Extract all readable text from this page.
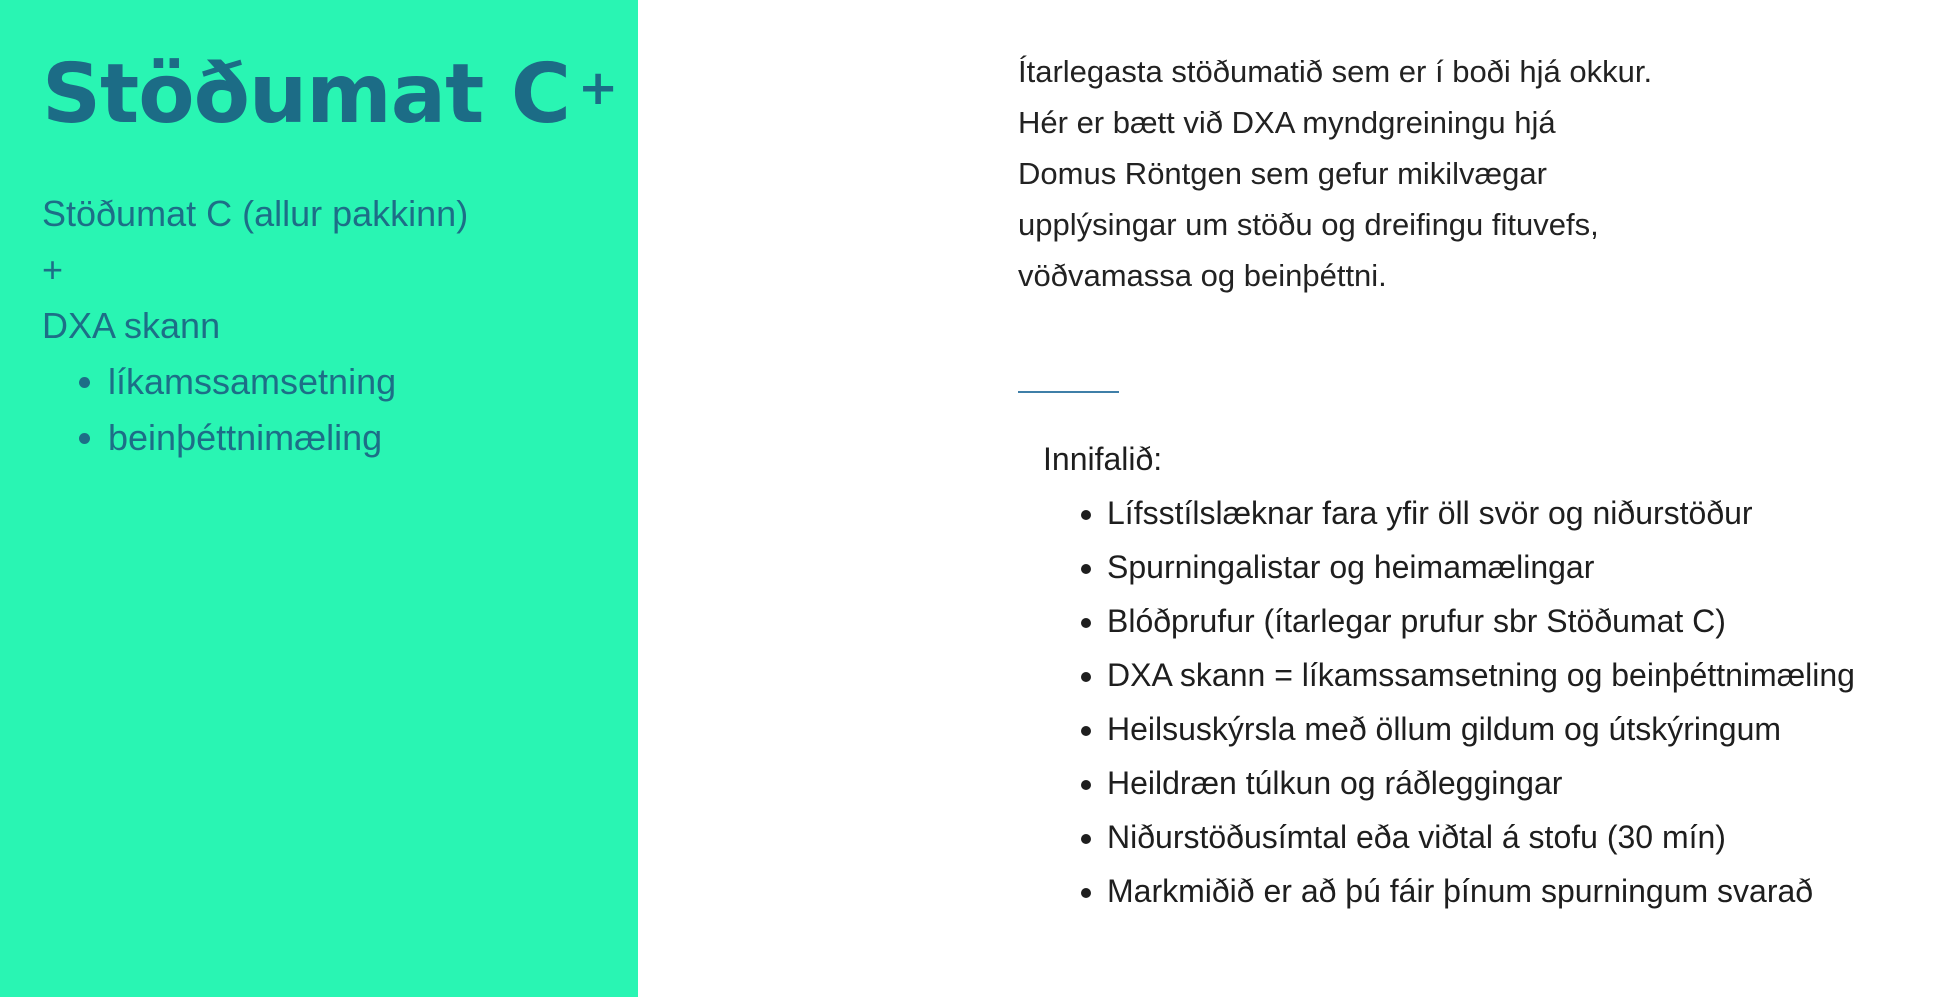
Stöðumat C +

Stöðumat C (allur pakkinn)

+

DXA skann

• líkamssamsetning
• beinþéttnimæling

Ítarlegasta stöðumatið sem er í boði hjá okkur.
Hér er bætt við DXA myndgreiningu hjá
Domus Röntgen sem gefur mikilvægar
upplýsingar um stöðu og dreifingu fituvefs,
vöðvamassa og beinþéttni.

Innifalið:

• Lífsstílslæknar fara yfir öll svör og niðurstöður
• Spurningalistar og heimamælingar
• Blóðprufur (ítarlegar prufur sbr Stöðumat C)
• DXA skann = líkamssamsetning og beinþéttnimæling
• Heilsuskýrsla með öllum gildum og útskýringum
• Heildræn túlkun og ráðleggingar
• Niðurstöðusímtal eða viðtal á stofu (30 mín)
• Markmiðið er að þú fáir þínum spurningum svarað
